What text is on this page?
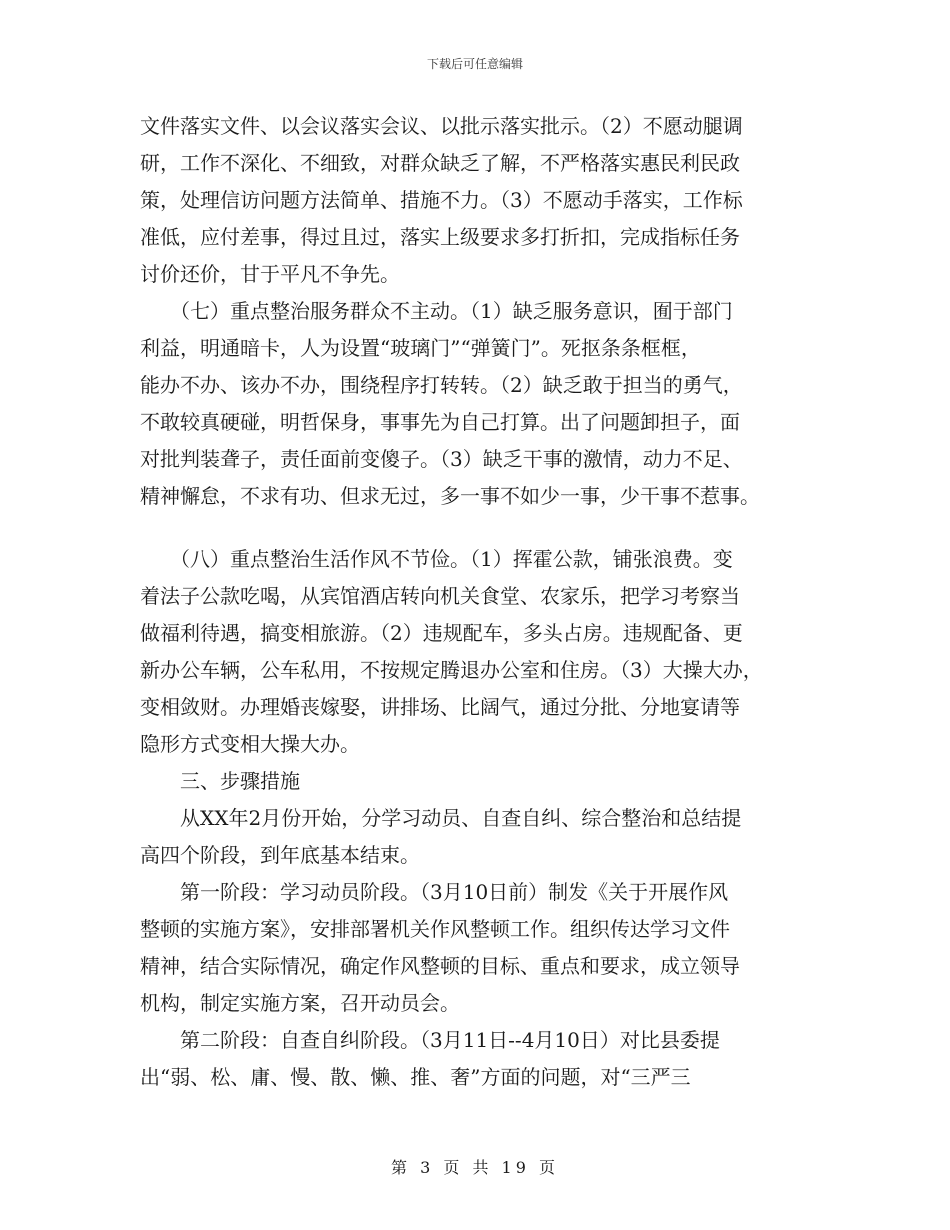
下载后可任意编辑
文件落实文件、以会议落实会议、以批示落实批示。（2）不愿动腿调
研，工作不深化、不细致，对群众缺乏了解，不严格落实惠民利民政
策，处理信访问题方法简单、措施不力。（3）不愿动手落实，工作标
准低，应付差事，得过且过，落实上级要求多打折扣，完成指标任务
讨价还价，甘于平凡不争先。
　　（七）重点整治服务群众不主动。（1）缺乏服务意识，囿于部门
利益，明通暗卡，人为设置“玻璃门”“弹簧门”。死抠条条框框，
能办不办、该办不办，围绕程序打转转。（2）缺乏敢于担当的勇气，
不敢较真硬碰，明哲保身，事事先为自己打算。出了问题卸担子，面
对批判装聋子，责任面前变傻子。（3）缺乏干事的激情，动力不足、
精神懈怠，不求有功、但求无过，多一事不如少一事，少干事不惹事。
　　（八）重点整治生活作风不节俭。（1）挥霍公款，铺张浪费。变
着法子公款吃喝，从宾馆酒店转向机关食堂、农家乐，把学习考察当
做福利待遇，搞变相旅游。（2）违规配车，多头占房。违规配备、更
新办公车辆，公车私用，不按规定腾退办公室和住房。（3）大操大办，
变相敛财。办理婚丧嫁娶，讲排场、比阔气，通过分批、分地宴请等
隐形方式变相大操大办。
　　三、步骤措施
　　从XX年2月份开始，分学习动员、自查自纠、综合整治和总结提
高四个阶段，到年底基本结束。
　　第一阶段：学习动员阶段。（3月10日前）制发《关于开展作风
整顿的实施方案》，安排部署机关作风整顿工作。组织传达学习文件
精神，结合实际情况，确定作风整顿的目标、重点和要求，成立领导
机构，制定实施方案，召开动员会。
　　第二阶段：自查自纠阶段。（3月11日--4月10日）对比县委提
出“弱、松、庸、慢、散、懒、推、奢”方面的问题，对“三严三
第 3 页 共 19 页
